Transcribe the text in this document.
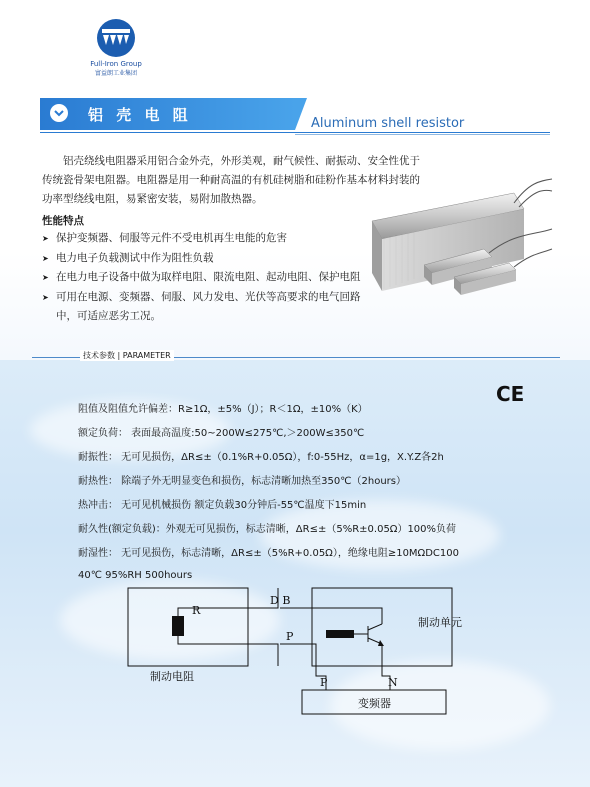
Full-Iron Group
富益朗工业集团
铝 壳 电 阻	Aluminum shell resistor
铝壳绕线电阻器采用铝合金外壳，外形美观，耐气候性、耐振动、安全性优于传统瓷骨架电阻器。电阻器是用一种耐高温的有机硅树脂和硅粉作基本材料封装的功率型绕线电阻，易紧密安装，易附加散热器。
性能特点
➤ 保护变频器、伺服等元件不受电机再生电能的危害
➤ 电力电子负载测试中作为阻性负载
➤ 在电力电子设备中做为取样电阻、限流电阻、起动电阻、保护电阻
➤ 可用在电源、变频器、伺服、风力发电、光伏等高要求的电气回路中，可适应恶劣工况。
技术参数 | PARAMETER
CE
阻值及阻值允许偏差：R≥1Ω，±5%（J）；R＜1Ω，±10%（K）
额定负荷： 表面最高温度:50~200W≤275℃,＞200W≤350℃
耐振性： 无可见损伤，ΔR≤±（0.1%R+0.05Ω），f:0-55Hz，α=1g，X.Y.Z各2h
耐热性： 除端子外无明显变色和损伤，标志清晰加热至350℃（2hours）
热冲击： 无可见机械损伤 额定负载30分钟后-55℃温度下15min
耐久性(额定负载)：外观无可见损伤，标志清晰，ΔR≤±（5%R±0.05Ω）100%负荷
耐湿性： 无可见损伤，标志清晰，ΔR≤±（5%R+0.05Ω），绝缘电阻≥10MΩDC100
40℃ 95%RH 500hours
R
D B
P
制动单元
制动电阻	P	N
变频器
